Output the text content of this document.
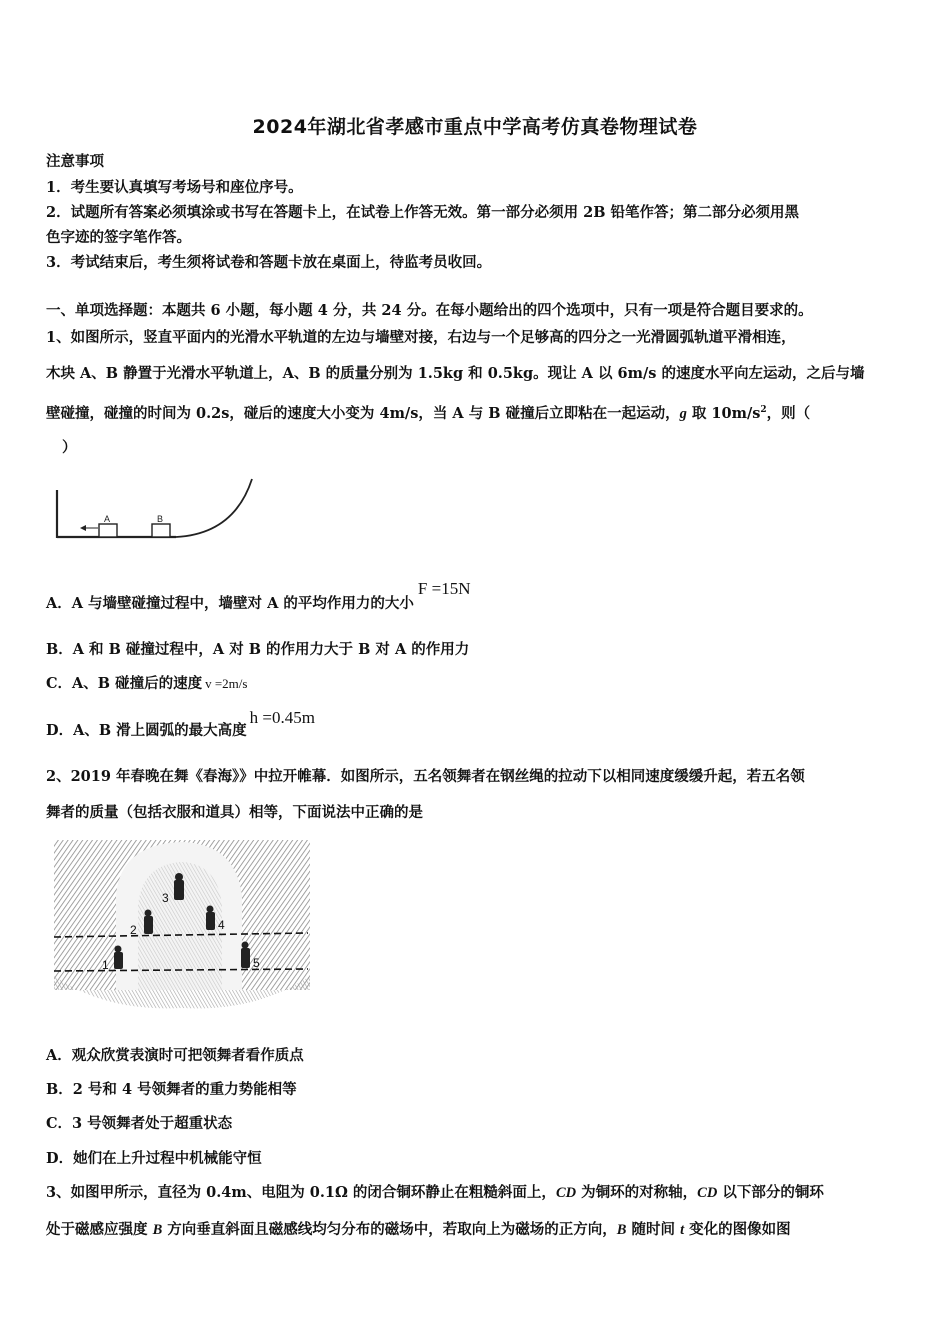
2024年湖北省孝感市重点中学高考仿真卷物理试卷
注意事项
1．考生要认真填写考场号和座位序号。
2．试题所有答案必须填涂或书写在答题卡上，在试卷上作答无效。第一部分必须用 2B 铅笔作答；第二部分必须用黑
色字迹的签字笔作答。
3．考试结束后，考生须将试卷和答题卡放在桌面上，待监考员收回。
一、单项选择题：本题共 6 小题，每小题 4 分，共 24 分。在每小题给出的四个选项中，只有一项是符合题目要求的。
1、如图所示，竖直平面内的光滑水平轨道的左边与墙壁对接，右边与一个足够高的四分之一光滑圆弧轨道平滑相连，
木块 A、B 静置于光滑水平轨道上，A、B 的质量分别为 1.5kg 和 0.5kg。现让 A 以 6m/s 的速度水平向左运动，之后与墙
壁碰撞，碰撞的时间为 0.2s，碰后的速度大小变为 4m/s，当 A 与 B 碰撞后立即粘在一起运动，g 取 $10m/s^2$，则（
）
A	B
A．A 与墙壁碰撞过程中，墙壁对 A 的平均作用力的大小F =15N
B．A 和 B 碰撞过程中，A 对 B 的作用力大于 B 对 A 的作用力
C．A、B 碰撞后的速度 v =2m/s
D．A、B 滑上圆弧的最大高度h =0.45m
2、2019 年春晚在舞《春海》》中拉开帷幕．如图所示，五名领舞者在钢丝绳的拉动下以相同速度缓缓升起，若五名领
舞者的质量（包括衣服和道具）相等，下面说法中正确的是
1
2
3
4
5
A．观众欣赏表演时可把领舞者看作质点
B．2 号和 4 号领舞者的重力势能相等
C．3 号领舞者处于超重状态
D．她们在上升过程中机械能守恒
3、如图甲所示，直径为 0.4m、电阻为 0.1Ω 的闭合铜环静止在粗糙斜面上，CD 为铜环的对称轴，CD 以下部分的铜环
处于磁感应强度 B 方向垂直斜面且磁感线均匀分布的磁场中，若取向上为磁场的正方向，B 随时间 t 变化的图像如图
